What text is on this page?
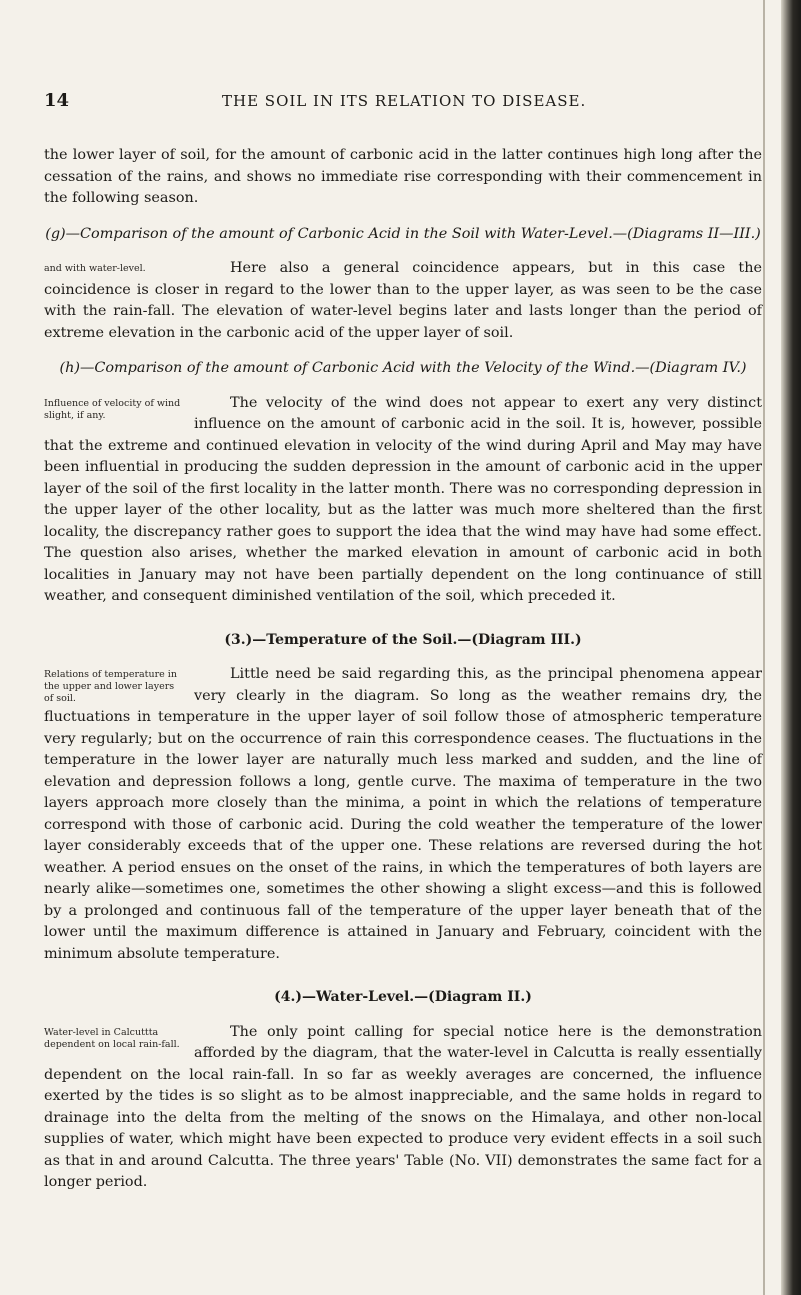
14	THE SOIL IN ITS RELATION TO DISEASE.

the lower layer of soil, for the amount of carbonic acid in the latter continues high long after the cessation of the rains, and shows no immediate rise corresponding with their commencement in the following season.

(g)—Comparison of the amount of Carbonic Acid in the Soil with Water-Level.—(Diagrams II—III.)

and with water-level.	Here also a general coincidence appears, but in this case the coincidence is closer in regard to the lower than to the upper layer, as was seen to be the case with the rain-fall. The elevation of water-level begins later and lasts longer than the period of extreme elevation in the carbonic acid of the upper layer of soil.

(h)—Comparison of the amount of Carbonic Acid with the Velocity of the Wind.—(Diagram IV.)

Influence of velocity of wind slight, if any.

The velocity of the wind does not appear to exert any very distinct influence on the amount of carbonic acid in the soil. It is, however, possible that the extreme and continued elevation in velocity of the wind during April and May may have been influential in producing the sudden depression in the amount of carbonic acid in the upper layer of the soil of the first locality in the latter month. There was no corresponding depression in the upper layer of the other locality, but as the latter was much more sheltered than the first locality, the discrepancy rather goes to support the idea that the wind may have had some effect. The question also arises, whether the marked elevation in amount of carbonic acid in both localities in January may not have been partially dependent on the long continuance of still weather, and consequent diminished ventilation of the soil, which preceded it.

(3.)—Temperature of the Soil.—(Diagram III.)

Relations of temperature in the upper and lower layers of soil.

Little need be said regarding this, as the principal phenomena appear very clearly in the diagram. So long as the weather remains dry, the fluctuations in temperature in the upper layer of soil follow those of atmospheric temperature very regularly; but on the occurrence of rain this correspondence ceases. The fluctuations in the temperature in the lower layer are naturally much less marked and sudden, and the line of elevation and depression follows a long, gentle curve. The maxima of temperature in the two layers approach more closely than the minima, a point in which the relations of temperature correspond with those of carbonic acid. During the cold weather the temperature of the lower layer considerably exceeds that of the upper one. These relations are reversed during the hot weather. A period ensues on the onset of the rains, in which the temperatures of both layers are nearly alike—sometimes one, sometimes the other showing a slight excess—and this is followed by a prolonged and continuous fall of the temperature of the upper layer beneath that of the lower until the maximum difference is attained in January and February, coincident with the minimum absolute temperature.

(4.)—Water-Level.—(Diagram II.)

Water-level in Calcuttta dependent on local rain-fall.

The only point calling for special notice here is the demonstration afforded by the diagram, that the water-level in Calcutta is really essentially dependent on the local rain-fall. In so far as weekly averages are concerned, the influence exerted by the tides is so slight as to be almost inappreciable, and the same holds in regard to drainage into the delta from the melting of the snows on the Himalaya, and other non-local supplies of water, which might have been expected to produce very evident effects in a soil such as that in and around Calcutta. The three years' Table (No. VII) demonstrates the same fact for a longer period.
